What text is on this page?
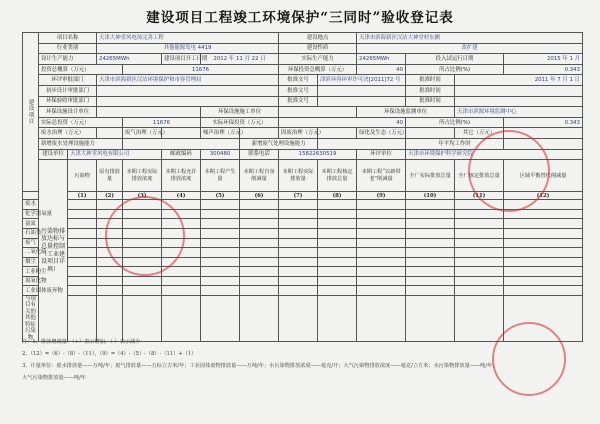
建设项目工程竣工环境保护“三同时”验收登记表
建设项目	项目名称		天津大神堂风电场完善工程					建设地点		天津市滨海新区汉沽大神堂村东侧				
	行业类别		其他能源发电 4419					建设性质		改扩建				
	设计生产能力		24265MWh		建设项目开工日期	2012 年 11 月 22 日		实际生产能力		24265MWh	投入试运行日期		2015 年 1 月	
	投资总概算（万元）			11676				环保投资总概算（万元）		40	所占比例(%)		0.343	
	环评审批部门		天津市滨海新区汉沽环境保护和市容管理局					批准文号	津滨环容环审许可决[2011]72 号		批准时间	2011 年 7 月 1 日		
	初步设计审批部门							批准文号			批准时间			
	环保验收审批部门							批准文号			批准时间			
	环保设施设计单位					环保设施施工单位				环保设施监测单位		天津市滨源环境监测中心		
	实际总投资（万元）			11676		实际环保投资（万元）		40			所占比例(%)		0.343	
	废水治理（万元）			废气治理（万元）		噪声治理（万元）		固废治理（万元）		绿化及生态（万元）		其它（万元）		
	新增废水处理设施能力						新增废气处理设施能力				年平均工作时			
	建设单位	天津大神堂风电有限公司			邮政编码	300480	联系电话	15822630519		环评单位	天津市环境保护科学研究院			
	污染物排放达标与总量控制（工业建设项目详填）	污染物	原有排放量	本期工程实际排放浓度	本期工程允许排放浓度	本期工程产生量	本期工程自身削减量	本期工程实际排放量	本期工程核定排放总量	本期工程“以新带老”削减量	全厂实际排放总量	全厂核定排放总量	区域平衡替代削减量	
		(1)	(2)	(3)	(4)	(5)	(6)	(7)	(8)	(9)	(10)	(11)	(12)	
废水														
化学需氧量														
氨氮														
石油类														
废气														
二氧化硫														
烟尘														
工业粉尘														
氮氧化物														
工业固体废弃物														
与项目有关的其他特征污染物														
注：1、排放增减量：（+）表示增加，（-）表示减少
2、（12）=（6）-（8）-（11），（9）=（4）-（5）-（8）-（11）+（1）
3、计量单位：废水排放量——万吨/年；废气排放量——万标立方米/年；工业固体废物排放量——万吨/年；水污染物排放浓度——毫克/升；大气污染物排放浓度——毫克/立方米；水污染物排放量——吨/年；
大气污染物排放量——吨/年
